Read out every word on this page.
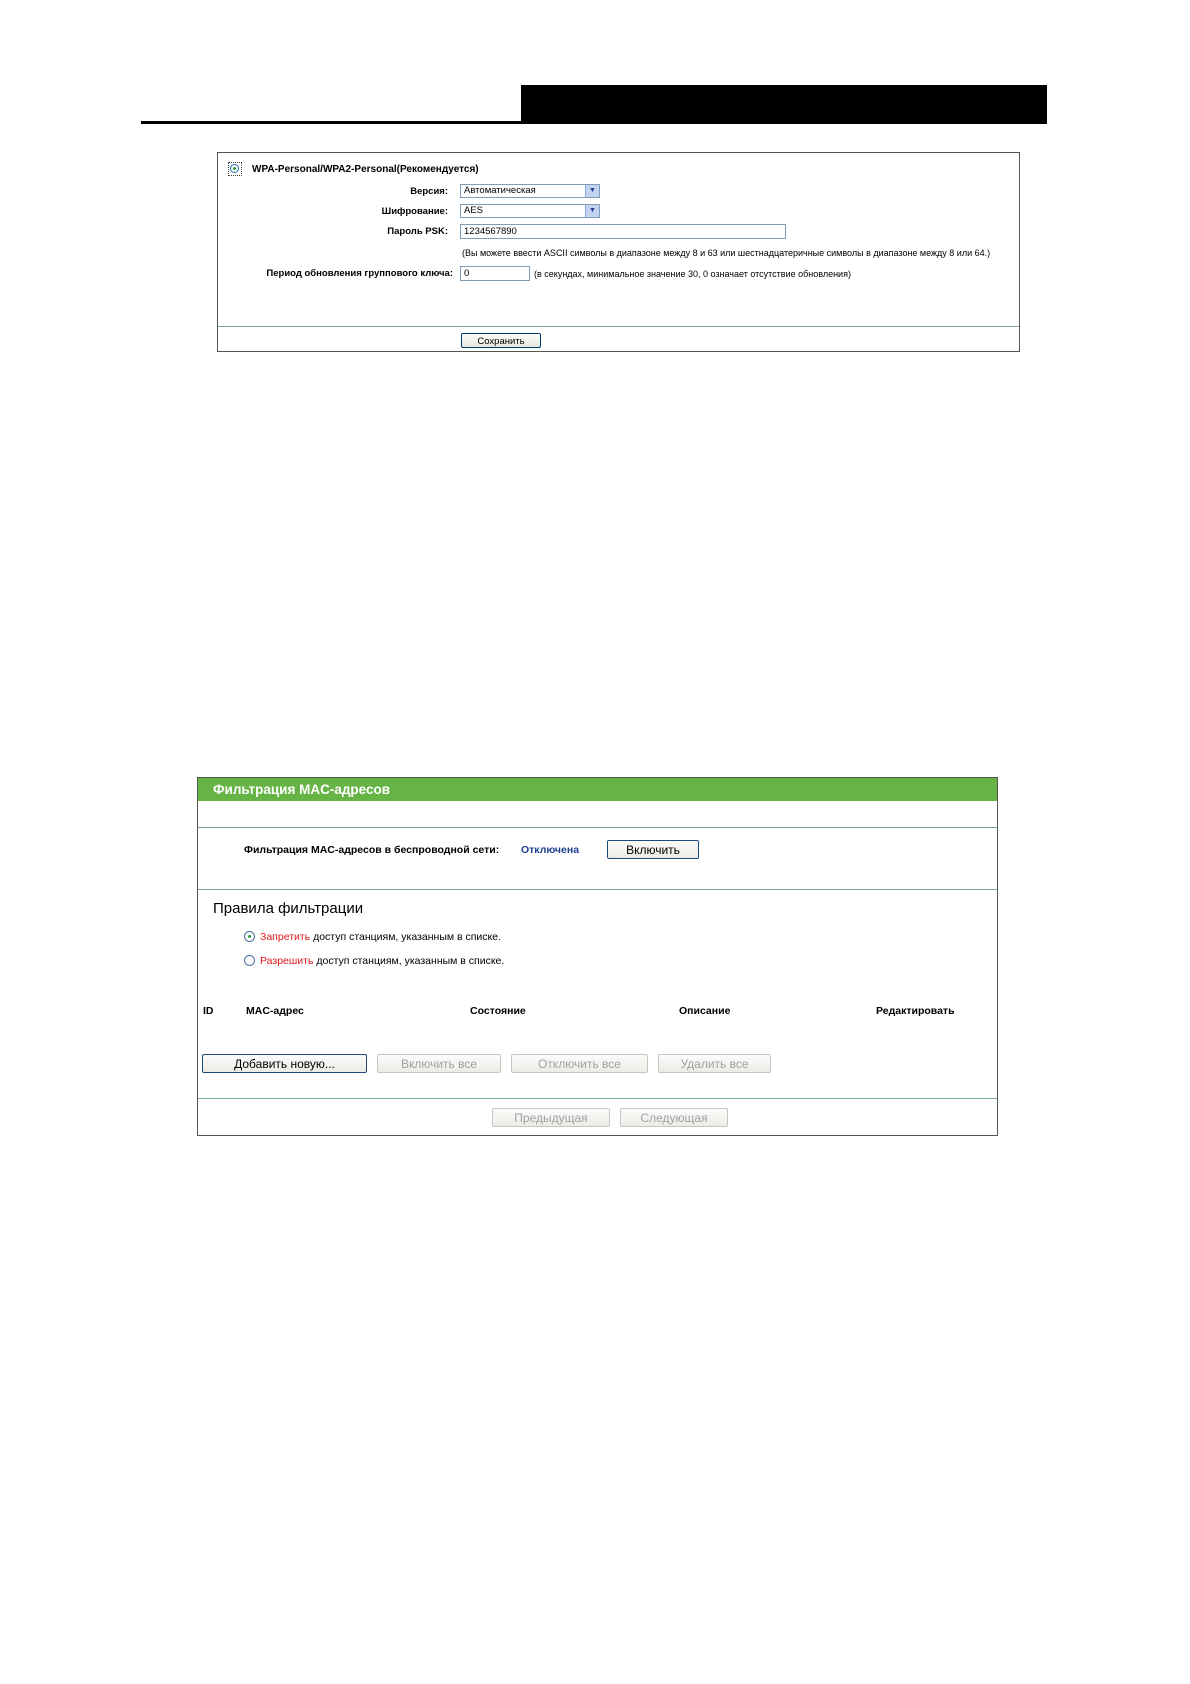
WPA-Personal/WPA2-Personal(Рекомендуется)
Версия:	Автоматическая	▼
Шифрование:	AES	▼
Пароль PSK:	1234567890
(Вы можете ввести ASCII символы в диапазоне между 8 и 63 или шестнадцатеричные символы в диапазоне между 8 или 64.)
Период обновления группового ключа:	0	(в секундах, минимальное значение 30, 0 означает отсутствие обновления)
Сохранить
Фильтрация MAC-адресов
Фильтрация MAC-адресов в беспроводной сети: Отключена	Включить
Правила фильтрации
Запретить доступ станциям, указанным в списке.
Разрешить доступ станциям, указанным в списке.
ID	MAC-адрес	Состояние	Описание	Редактировать
Добавить новую...	Включить все	Отключить все	Удалить все
Предыдущая	Следующая
